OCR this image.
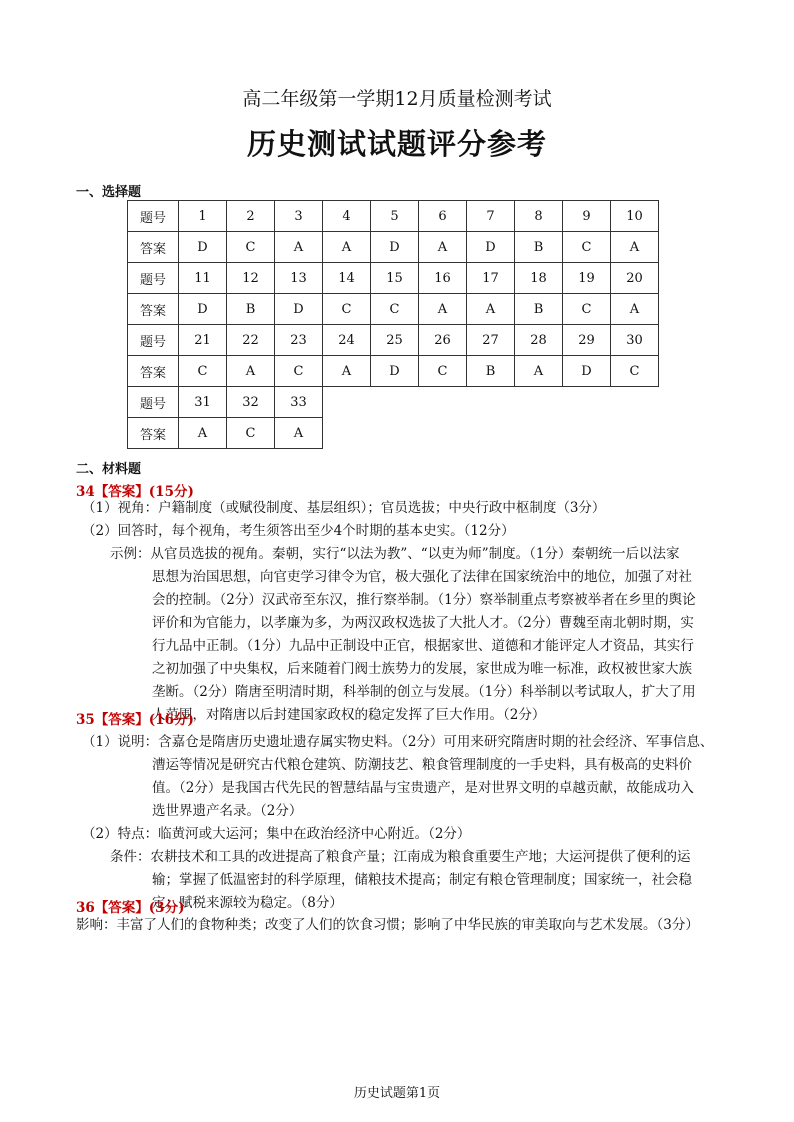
高二年级第一学期12月质量检测考试
历史测试试题评分参考
一、选择题
题号	1	2	3	4	5	6	7	8	9	10
答案	D	C	A	A	D	A	D	B	C	A
题号	11	12	13	14	15	16	17	18	19	20
答案	D	B	D	C	C	A	A	B	C	A
题号	21	22	23	24	25	26	27	28	29	30
答案	C	A	C	A	D	C	B	A	D	C
题号	31	32	33							
答案	A	C	A							
二、材料题
34【答案】(15分)
（1）视角：户籍制度（或赋役制度、基层组织）；官员选拔；中央行政中枢制度（3分）
（2）回答时，每个视角，考生须答出至少4个时期的基本史实。（12分）
示例：从官员选拔的视角。秦朝，实行“以法为教”、“以吏为师”制度。（1分）秦朝统一后以法家
思想为治国思想，向官吏学习律令为官，极大强化了法律在国家统治中的地位，加强了对社
会的控制。（2分）汉武帝至东汉，推行察举制。（1分）察举制重点考察被举者在乡里的舆论
评价和为官能力，以孝廉为多，为两汉政权选拔了大批人才。（2分）曹魏至南北朝时期，实
行九品中正制。（1分）九品中正制设中正官，根据家世、道德和才能评定人才资品，其实行
之初加强了中央集权，后来随着门阀士族势力的发展，家世成为唯一标准，政权被世家大族
垄断。（2分）隋唐至明清时期，科举制的创立与发展。（1分）科举制以考试取人，扩大了用
人范围，对隋唐以后封建国家政权的稳定发挥了巨大作用。（2分）
35【答案】(16分)
（1）说明：含嘉仓是隋唐历史遗址遗存属实物史料。（2分）可用来研究隋唐时期的社会经济、军事信息、
漕运等情况是研究古代粮仓建筑、防潮技艺、粮食管理制度的一手史料，具有极高的史料价
值。（2分）是我国古代先民的智慧结晶与宝贵遗产，是对世界文明的卓越贡献，故能成功入
选世界遗产名录。（2分）
（2）特点：临黄河或大运河；集中在政治经济中心附近。（2分）
条件：农耕技术和工具的改进提高了粮食产量；江南成为粮食重要生产地；大运河提供了便利的运
输；掌握了低温密封的科学原理，储粮技术提高；制定有粮仓管理制度；国家统一，社会稳
定；赋税来源较为稳定。（8分）
36【答案】(3分)
影响：丰富了人们的食物种类；改变了人们的饮食习惯；影响了中华民族的审美取向与艺术发展。（3分）
历史试题第1页
